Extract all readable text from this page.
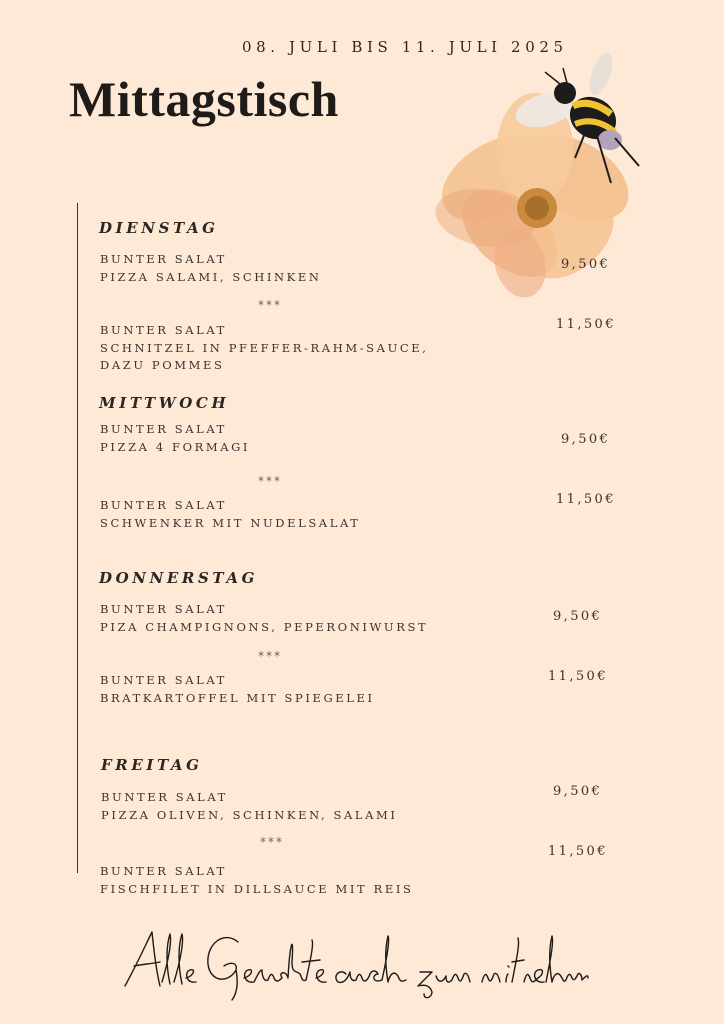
08. JULI BIS 11. JULI 2025
Mittagstisch
DIENSTAG
BUNTER SALAT
PIZZA SALAMI, SCHINKEN
9,50€
***
BUNTER SALAT
SCHNITZEL IN PFEFFER-RAHM-SAUCE,
DAZU POMMES
11,50€
MITTWOCH
BUNTER SALAT
PIZZA 4 FORMAGI	9,50€
***
BUNTER SALAT
SCHWENKER MIT NUDELSALAT
11,50€
DONNERSTAG
BUNTER SALAT
PIZA CHAMPIGNONS, PEPERONIWURST
9,50€
***
BUNTER SALAT
BRATKARTOFFEL MIT SPIEGELEI
11,50€
FREITAG
BUNTER SALAT
PIZZA OLIVEN, SCHINKEN, SALAMI
9,50€
***
BUNTER SALAT
FISCHFILET IN DILLSAUCE MIT REIS
11,50€
